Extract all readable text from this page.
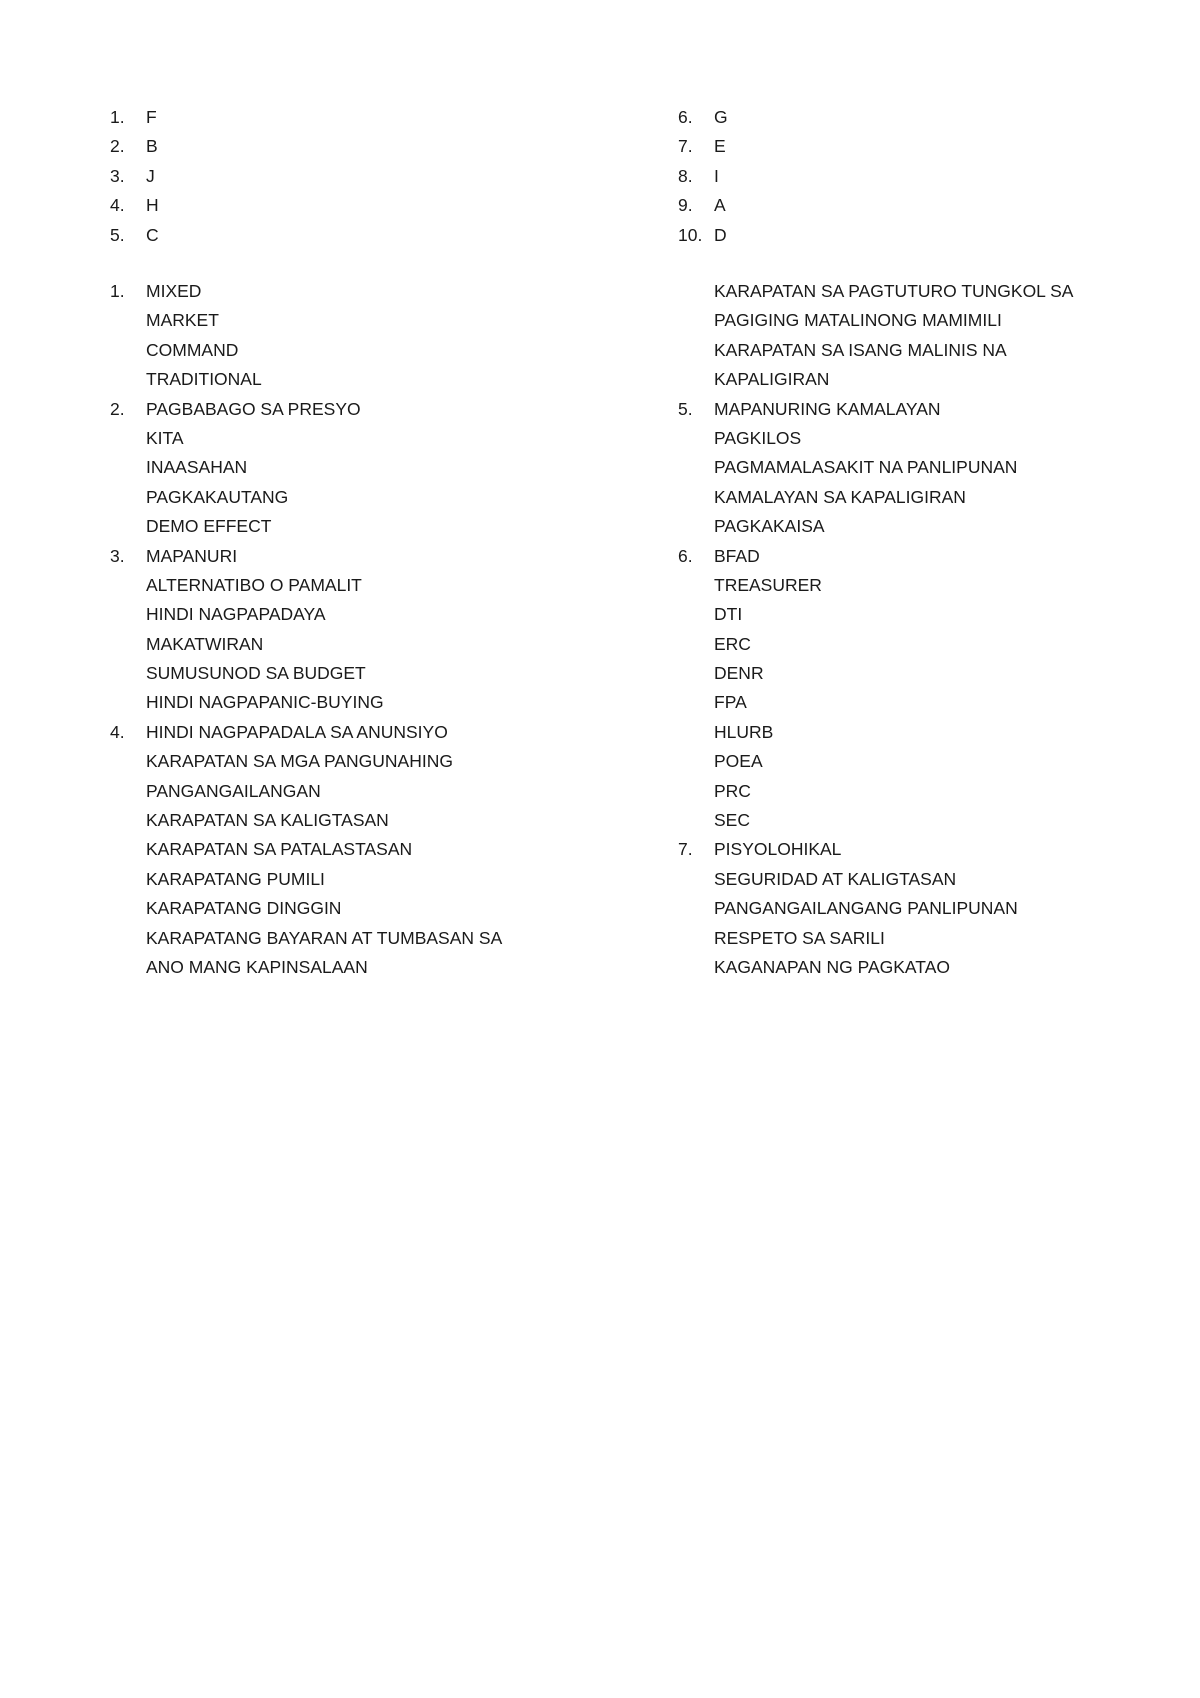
1.	F
2.	B
3.	J
4.	H
5.	C
6.	G
7.	E
8.	I
9.	A
10. D
1.	MIXED
MARKET
COMMAND
TRADITIONAL
2.	PAGBABAGO SA PRESYO
KITA
INAASAHAN
PAGKAKAUTANG
DEMO EFFECT
3.	MAPANURI
ALTERNATIBO O PAMALIT
HINDI NAGPAPADAYA
MAKATWIRAN
SUMUSUNOD SA BUDGET
HINDI NAGPAPANIC-BUYING
4.	HINDI NAGPAPADALA SA ANUNSIYO
KARAPATAN SA MGA PANGUNAHING
PANGANGAILANGAN
KARAPATAN SA KALIGTASAN
KARAPATAN SA PATALASTASAN
KARAPATANG PUMILI
KARAPATANG DINGGIN
KARAPATANG BAYARAN AT TUMBASAN SA
ANO MANG KAPINSALAAN
KARAPATAN SA PAGTUTURO TUNGKOL SA
PAGIGING MATALINONG MAMIMILI
KARAPATAN SA ISANG MALINIS NA
KAPALIGIRAN
5.	MAPANURING KAMALAYAN
PAGKILOS
PAGMAMALASAKIT NA PANLIPUNAN
KAMALAYAN SA KAPALIGIRAN
PAGKAKAISA
6.	BFAD
TREASURER
DTI
ERC
DENR
FPA
HLURB
POEA
PRC
SEC
7.	PISYOLOHIKAL
SEGURIDAD AT KALIGTASAN
PANGANGAILANGANG PANLIPUNAN
RESPETO SA SARILI
KAGANAPAN NG PAGKATAO
